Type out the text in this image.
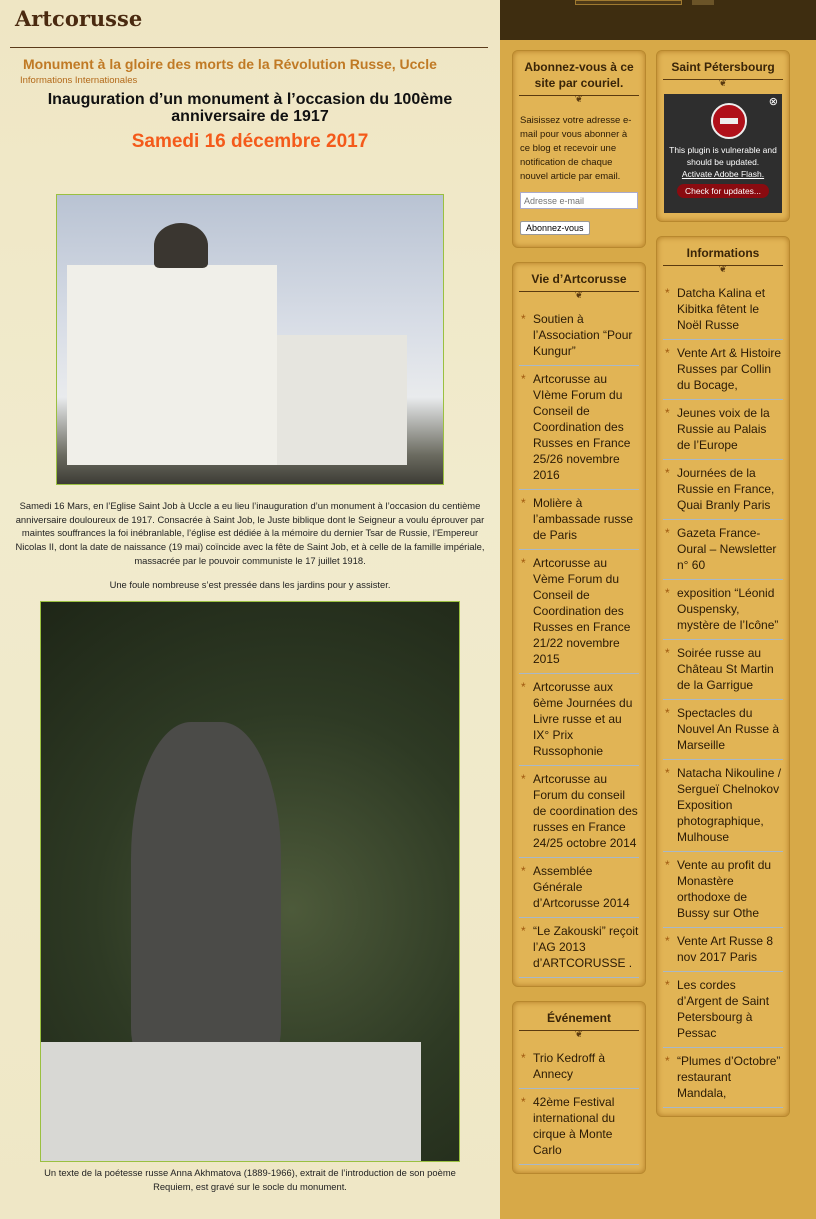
Artcorusse
Monument à la gloire des morts de la Révolution Russe, Uccle
Informations Internationales
Inauguration d’un monument à l’occasion du 100ème anniversaire de 1917
Samedi 16 décembre 2017
Samedi 16 Mars, en l’Eglise Saint Job à Uccle a eu lieu l’inauguration d’un monument à l’occasion du centième anniversaire douloureux de 1917. Consacrée à Saint Job, le Juste biblique dont le Seigneur a voulu éprouver par maintes souffrances la foi inébranlable, l’église est dédiée à la mémoire du dernier Tsar de Russie, l’Empereur Nicolas II, dont la date de naissance (19 mai) coïncide avec la fête de Saint Job, et à celle de la famille impériale, massacrée par le pouvoir communiste le 17 juillet 1918.
Une foule nombreuse s’est pressée dans les jardins pour y assister.
Un texte de la poétesse russe Anna Akhmatova (1889-1966), extrait de l’introduction de son poème Requiem, est gravé sur le socle du monument.
Abonnez-vous à ce site par couriel.
❦
Saisissez votre adresse e-mail pour vous abonner à ce blog et recevoir une notification de chaque nouvel article par email.
Adresse e-mail Abonnez-vous
Vie d’Artcorusse
❦
* Soutien à l’Association “Pour Kungur”
* Artcorusse au VIème Forum du Conseil de Coordination des Russes en France 25/26 novembre 2016
* Molière à l’ambassade russe de Paris
* Artcorusse au Vème Forum du Conseil de Coordination des Russes en France 21/22 novembre 2015
* Artcorusse aux 6ème Journées du Livre russe et au IX° Prix Russophonie
* Artcorusse au Forum du conseil de coordination des russes en France 24/25 octobre 2014
* Assemblée Générale d’Artcorusse 2014
* “Le Zakouski” reçoit l’AG 2013 d’ARTCORUSSE .
Événement
❦
* Trio Kedroff à Annecy
* 42ème Festival international du cirque à Monte Carlo
Saint Pétersbourg
❦
⊗
This plugin is vulnerable and should be updated.
Activate Adobe Flash.
Check for updates...
Informations
❦
* Datcha Kalina et Kibitka fêtent le Noël Russe
* Vente Art & Histoire Russes par Collin du Bocage,
* Jeunes voix de la Russie au Palais de l’Europe
* Journées de la Russie en France, Quai Branly Paris
* Gazeta France-Oural – Newsletter n° 60
* exposition “Léonid Ouspensky, mystère de l’Icône”
* Soirée russe au Château St Martin de la Garrigue
* Spectacles du Nouvel An Russe à Marseille
* Natacha Nikouline / Sergueï Chelnokov Exposition photographique, Mulhouse
* Vente au profit du Monastère orthodoxe de Bussy sur Othe
* Vente Art Russe 8 nov 2017 Paris
* Les cordes d’Argent de Saint Petersbourg à Pessac
* “Plumes d’Octobre” restaurant Mandala,
